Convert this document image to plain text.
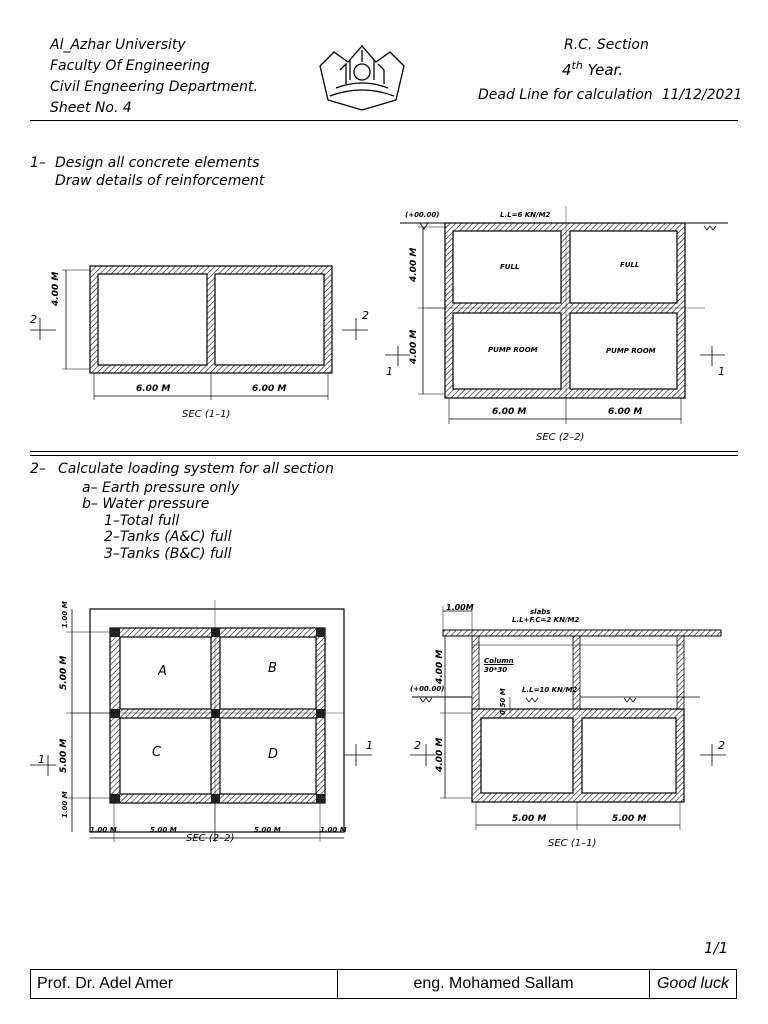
Al_Azhar University
Faculty Of Engineering
Civil Engneering Department.
Sheet No. 4
R.C. Section
4th Year.
Dead Line for calculation 11/12/2021
1– Design all concrete elements
Draw details of reinforcement
4.00 M
6.00 M	6.00 M
2	2
SEC (1–1)
(+00.00)	L.L=6 KN/M2
4.00 M
4.00 M
FULL	FULL
PUMP ROOM	PUMP ROOM
6.00 M	6.00 M
1	1
SEC (2–2)
2– Calculate loading system for all section
a– Earth pressure only
b– Water pressure
1–Total full
2–Tanks (A&C) full
3–Tanks (B&C) full
1.00 M
5.00 M
5.00 M
1.00 M
A	B
C	D
1.00 M	5.00 M	5.00 M	1.00 M
1
1
SEC (2–2)
1.00M	slabs
L.L+F.C=2 KN/M2
Column
30*30
(+00.00)	L.L=10 KN/M2
4.00 M
0.50 M
4.00 M
5.00 M	5.00 M
2	2
SEC (1–1)
1/1
Prof. Dr. Adel Amer	eng. Mohamed Sallam	Good luck
